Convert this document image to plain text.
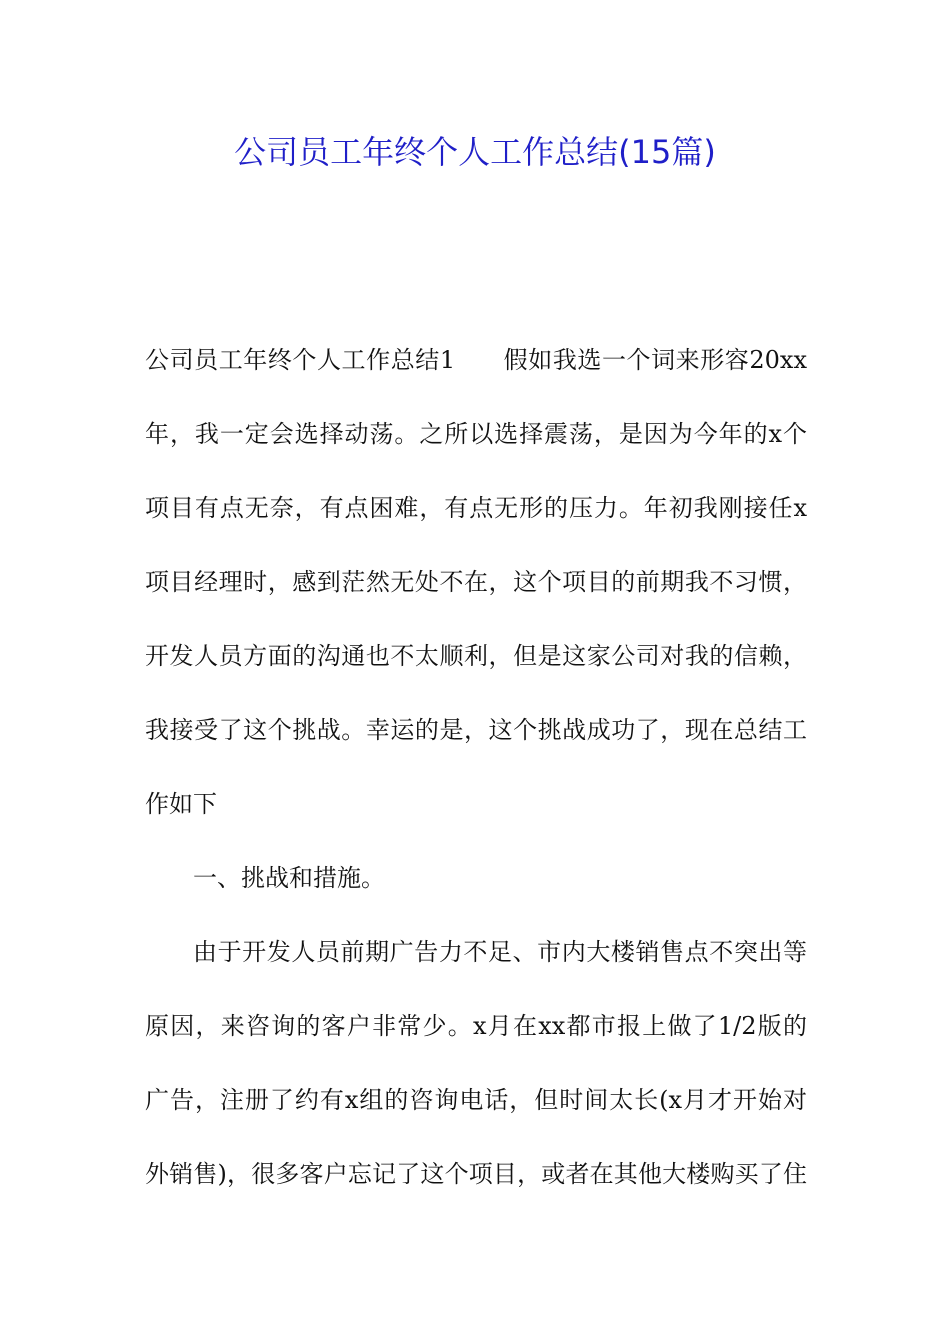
公司员工年终个人工作总结(15篇)
公司员工年终个人工作总结1 假如我选一个词来形容20xx
年，我一定会选择动荡。之所以选择震荡，是因为今年的x个
项目有点无奈，有点困难，有点无形的压力。年初我刚接任x
项目经理时，感到茫然无处不在，这个项目的前期我不习惯，
开发人员方面的沟通也不太顺利，但是这家公司对我的信赖，
我接受了这个挑战。幸运的是，这个挑战成功了，现在总结工
作如下
一、挑战和措施。
由于开发人员前期广告力不足、市内大楼销售点不突出等
原因，来咨询的客户非常少。x月在xx都市报上做了1/2版的
广告，注册了约有x组的咨询电话，但时间太长(x月才开始对
外销售)，很多客户忘记了这个项目，或者在其他大楼购买了住
